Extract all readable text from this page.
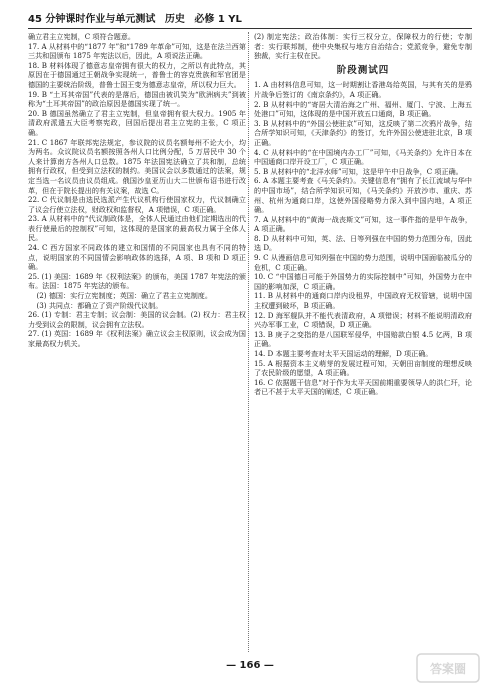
45 分钟课时作业与单元测试 历史 必修 1 YL

确立君主立宪制，C 项符合题意。

17. A 从材料中的“1877 年”和“1789 年革命”可知，这是在法兰西第三共和国颁布 1875 年宪法以后，因此，A 项说法正确。

18. B 材料体现了德意志皇帝拥有很大的权力，之所以有此特点，其原因在于德国通过王朝战争实现统一，普鲁士的容克贵族和军官团是德国的主要统治阶级，普鲁士国王变为德意志皇帝，所以权力巨大。

19. B “土耳其帝国”代表的是落后，德国由被讥笑为“欧洲病夫”到被称为“土耳其帝国”的政治原因是德国实现了统一。

20. B 德国虽然确立了君主立宪制，但皇帝拥有很大权力。1905 年清政府派遣五大臣考察宪政，回国后提出君主立宪的主张，C 项正确。

21. C 1867 年联邦宪法规定，参议院的议员名额每州不论大小，均为两名。众议院议员名额按照各州人口比例分配，5 万居民中 30 个人来计算南方各州人口总数。1875 年法国宪法确立了共和制，总统拥有行政权，但受到立法权的制约。美国议会以多数通过的法案，规定当选一名议员由议员组成。俄国沙皇亚历山大二世颁布诏书进行改革，但在于院长提出的有关议案，故选 C。

22. C 代议制是由选民选派产生代议机构行使国家权力，代议制确立了议会行使立法权，财政权和监督权，A 项错误，C 项正确。

23. A 从材料中的“代议制政体是，全体人民通过由他们定期选出的代表行使最后的控制权”可知，这体现的是国家的最高权力属于全体人民。

24. C 西方国家不同政体的建立和国情的不同国家也具有不同的特点，说明国家的不同国情会影响政体的选择，A 项、B 项和 D 项正确。

25. (1) 美国：1689 年《权利法案》的颁布，美国 1787 年宪法的颁布。法国：1875 年宪法的颁布。

(2) 德国：实行立宪制度；英国：确立了君主立宪制度。

(3) 共同点：都确立了资产阶级代议制。

26. (1) 专制：君主专制；议会制：美国的议会制。(2) 权力：君主权力受到议会的限制，议会拥有立法权。

27. (1) 英国：1689 年《权利法案》确立议会主权原则，议会成为国家最高权力机关。

(2) 制定宪法；政治体制：实行三权分立，保障权力的行使；专制者：实行联邦制，使中央集权与地方自治结合；党派竞争，避免专制独裁，实行主权在民。

阶段测试四

1. A 由材料信息可知，这一时期割让香港岛给英国，与其有关的是鸦片战争后签订的《南京条约》，A 项正确。

2. B 从材料中的“寄居大清治海之广州、福州、厦门、宁波、上海五处港口”可知，这体现的是中国开放五口通商，B 项正确。

3. B 从材料中的“外国公使驻京”可知，这反映了第二次鸦片战争，结合所学知识可知，《天津条约》的签订，允许外国公使进驻北京，B 项正确。

4. C 从材料中的“在中国境内办工厂”可知，《马关条约》允许日本在中国通商口岸开设工厂，C 项正确。

5. B 从材料中的“北洋水师”可知，这是甲午中日战争，C 项正确。

6. A 本题主要考查《马关条约》。关键信息有“拥有了长江流域与华中的中国市场”，结合所学知识可知，《马关条约》开放沙市、重庆、苏州、杭州为通商口岸，这使外国侵略势力深入到中国内地，A 项正确。

7. A 从材料中的“黄海一战丧斯文”可知，这一事件指的是甲午战争，A 项正确。

8. D 从材料中可知，英、法、日等列强在中国的势力范围分布，因此选 D。

9. C 从漫画信息可知列强在中国的势力范围，说明中国面临被瓜分的危机，C 项正确。

10. C “中国德日可能于外国势力的实际控制中”可知，外国势力在中国的影响加深，C 项正确。

11. B 从材料中的通商口岸内设租界，中国政府无权管辖，说明中国主权遭到破坏，B 项正确。

12. D 海军舰队并不能代表清政府，A 项错误；材料不能说明清政府兴办军事工业，C 项错误，D 项正确。

13. B 庚子之变指的是八国联军侵华，中国赔款白银 4.5 亿两，B 项正确。

14. D 本题主要考查对太平天国运动的理解，D 项正确。

15. A 根据资本主义萌芽的发展过程可知，天朝田亩制度的理想反映了农民阶级的愿望，A 项正确。

16. C 依据题干信息“对于作为太平天国前期重要领导人的洪仁玕，论者已不甚于太平天国的阐述，C 项正确。

— 166 —	答案圈
